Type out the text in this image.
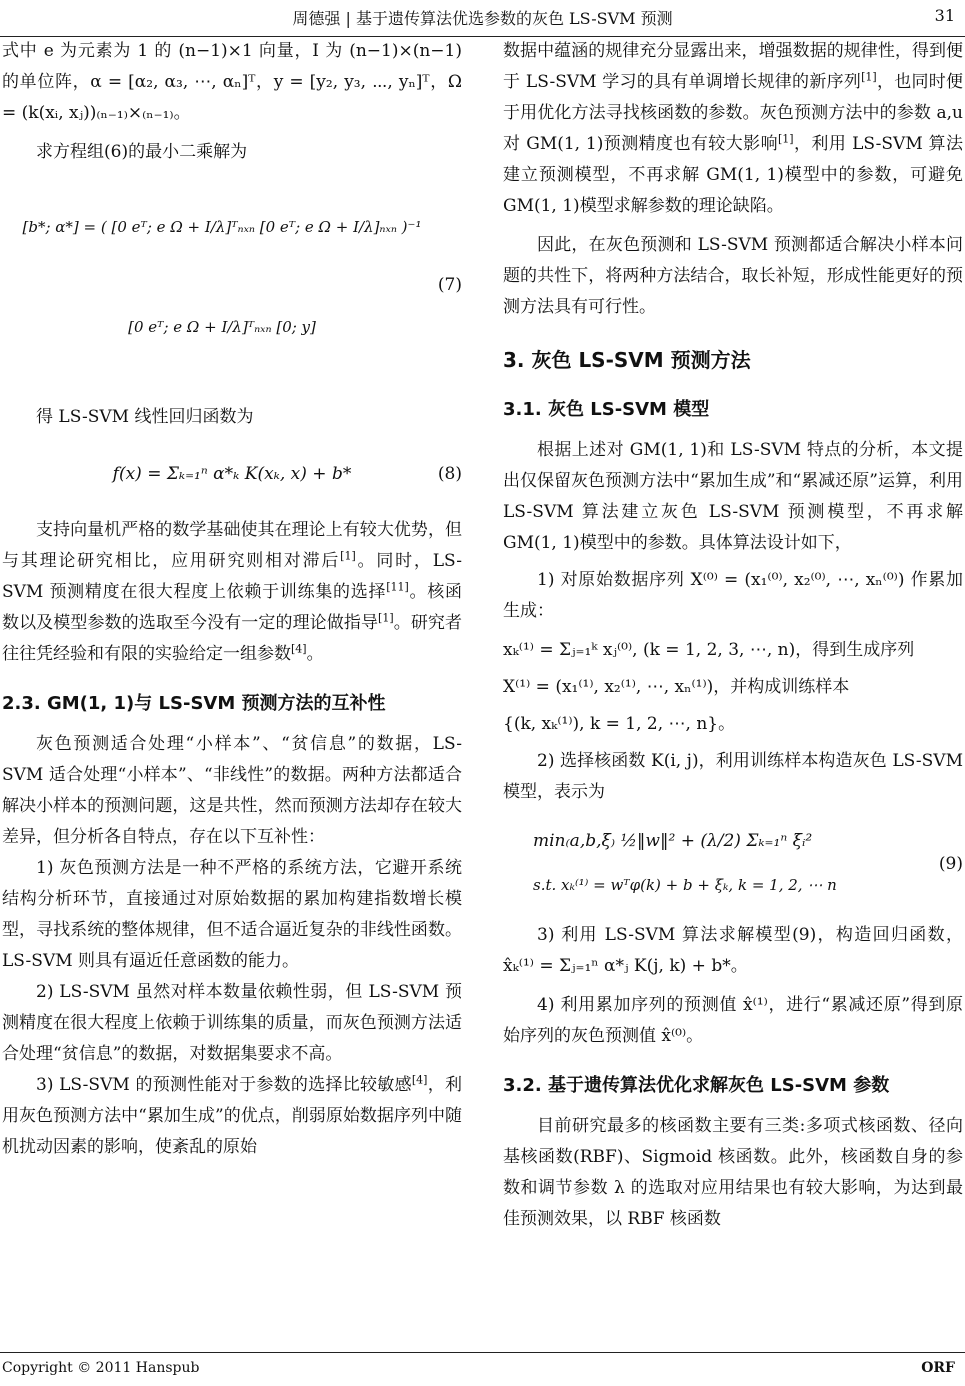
周德强 | 基于遗传算法优选参数的灰色 LS-SVM 预测	31

式中 e 为元素为 1 的 (n−1)×1 向量，I 为 (n−1)×(n−1) 的单位阵，α = [α₂, α₃, ⋯, αₙ]ᵀ，y = [y₂, y₃, ⋯, yₙ]ᵀ，Ω = (k(xᵢ, xⱼ))₍ₙ₋₁₎×₍ₙ₋₁₎。

求方程组(6)的最小二乘解为

[b*; α*] = ( [0 eᵀ; e Ω + I/λ]ᵀₙₓₙ [0 eᵀ; e Ω + I/λ]ₙₓₙ )⁻¹
[0 eᵀ; e Ω + I/λ]ᵀₙₓₙ [0; y]
(7)

得 LS-SVM 线性回归函数为

f(x) = Σₖ₌₁ⁿ α*ₖ K(xₖ, x) + b*	(8)

支持向量机严格的数学基础使其在理论上有较大优势，但与其理论研究相比，应用研究则相对滞后[1]。同时，LS-SVM 预测精度在很大程度上依赖于训练集的选择[11]。核函数以及模型参数的选取至今没有一定的理论做指导[1]。研究者往往凭经验和有限的实验给定一组参数[4]。

2.3. GM(1, 1)与 LS-SVM 预测方法的互补性

灰色预测适合处理“小样本”、“贫信息”的数据，LS-SVM 适合处理“小样本”、“非线性”的数据。两种方法都适合解决小样本的预测问题，这是共性，然而预测方法却存在较大差异，但分析各自特点，存在以下互补性：

1) 灰色预测方法是一种不严格的系统方法，它避开系统结构分析环节，直接通过对原始数据的累加构建指数增长模型，寻找系统的整体规律，但不适合逼近复杂的非线性函数。LS-SVM 则具有逼近任意函数的能力。

2) LS-SVM 虽然对样本数量依赖性弱，但 LS-SVM 预测精度在很大程度上依赖于训练集的质量，而灰色预测方法适合处理“贫信息”的数据，对数据集要求不高。

3) LS-SVM 的预测性能对于参数的选择比较敏感[4]，利用灰色预测方法中“累加生成”的优点，削弱原始数据序列中随机扰动因素的影响，使紊乱的原始

数据中蕴涵的规律充分显露出来，增强数据的规律性，得到便于 LS-SVM 学习的具有单调增长规律的新序列[1]，也同时便于用优化方法寻找核函数的参数。灰色预测方法中的参数 a,u 对 GM(1, 1)预测精度也有较大影响[1]，利用 LS-SVM 算法建立预测模型，不再求解 GM(1, 1)模型中的参数，可避免 GM(1, 1)模型求解参数的理论缺陷。

因此，在灰色预测和 LS-SVM 预测都适合解决小样本问题的共性下，将两种方法结合，取长补短，形成性能更好的预测方法具有可行性。

3. 灰色 LS-SVM 预测方法
3.1. 灰色 LS-SVM 模型

根据上述对 GM(1, 1)和 LS-SVM 特点的分析，本文提出仅保留灰色预测方法中“累加生成”和“累减还原”运算，利用 LS-SVM 算法建立灰色 LS-SVM 预测模型，不再求解 GM(1, 1)模型中的参数。具体算法设计如下，

1) 对原始数据序列 X⁽⁰⁾ = (x₁⁽⁰⁾, x₂⁽⁰⁾, ⋯, xₙ⁽⁰⁾) 作累加生成：

xₖ⁽¹⁾ = Σⱼ₌₁ᵏ xⱼ⁽⁰⁾, (k = 1, 2, 3, ⋯, n)，得到生成序列

X⁽¹⁾ = (x₁⁽¹⁾, x₂⁽¹⁾, ⋯, xₙ⁽¹⁾)，并构成训练样本

{(k, xₖ⁽¹⁾), k = 1, 2, ⋯, n}。

2) 选择核函数 K(i, j)，利用训练样本构造灰色 LS-SVM 模型，表示为

min₍a,b,ξ₎ ½‖w‖² + (λ/2) Σₖ₌₁ⁿ ξᵢ²
s.t. xₖ⁽¹⁾ = wᵀφ(k) + b + ξₖ, k = 1, 2, ⋯ n
(9)

3) 利用 LS-SVM 算法求解模型(9)，构造回归函数，x̂ₖ⁽¹⁾ = Σⱼ₌₁ⁿ α*ⱼ K(j, k) + b*。

4) 利用累加序列的预测值 x̂⁽¹⁾，进行“累减还原”得到原始序列的灰色预测值 x̂⁽⁰⁾。

3.2. 基于遗传算法优化求解灰色 LS-SVM 参数

目前研究最多的核函数主要有三类:多项式核函数、径向基核函数(RBF)、Sigmoid 核函数。此外，核函数自身的参数和调节参数 λ 的选取对应用结果也有较大影响，为达到最佳预测效果，以 RBF 核函数

Copyright © 2011 Hanspub	ORF
